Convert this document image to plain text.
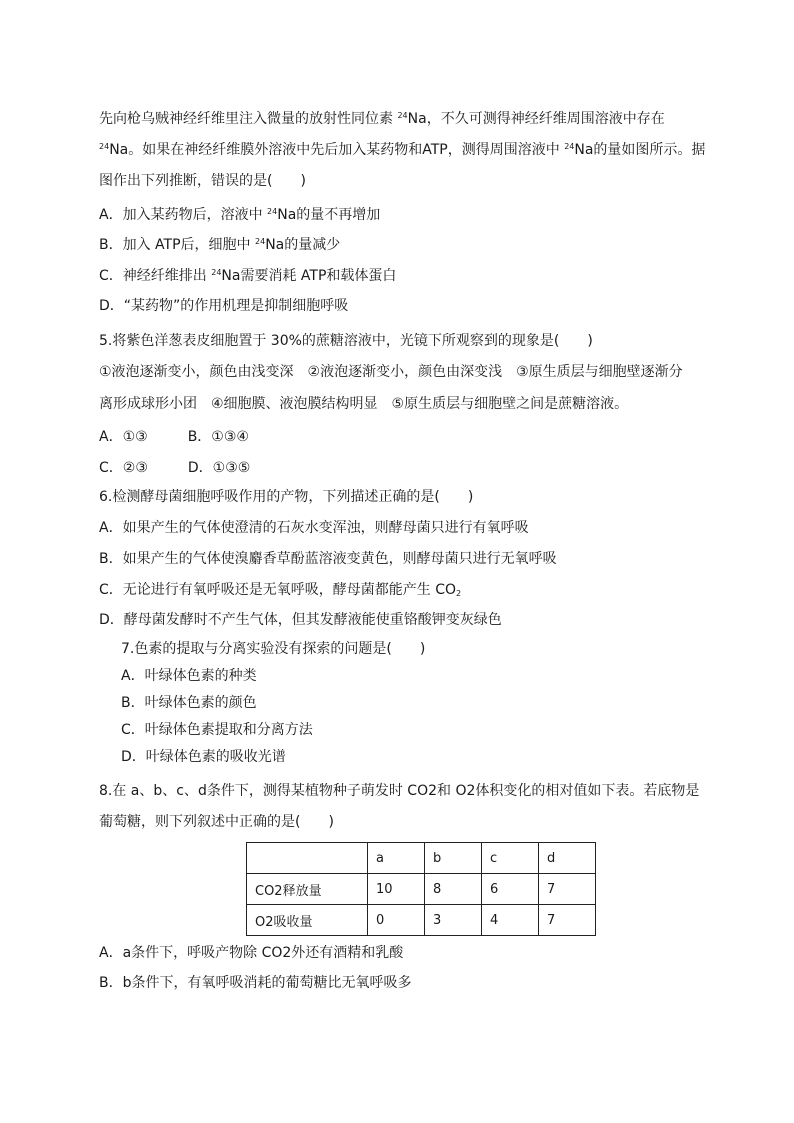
先向枪乌贼神经纤维里注入微量的放射性同位素 $^{24}$Na，不久可测得神经纤维周围溶液中存在
$^{24}$Na。如果在神经纤维膜外溶液中先后加入某药物和ATP，测得周围溶液中 $^{24}$Na的量如图所示。据
图作出下列推断，错误的是(　　)
A．加入某药物后，溶液中 $^{24}$Na的量不再增加
B．加入 ATP后，细胞中 $^{24}$Na的量减少
C．神经纤维排出 $^{24}$Na需要消耗 ATP和载体蛋白
D．“某药物”的作用机理是抑制细胞呼吸
5.将紫色洋葱表皮细胞置于 30%的蔗糖溶液中，光镜下所观察到的现象是(　　)
①液泡逐渐变小，颜色由浅变深　②液泡逐渐变小，颜色由深变浅　③原生质层与细胞壁逐渐分
离形成球形小团　④细胞膜、液泡膜结构明显　⑤原生质层与细胞壁之间是蔗糖溶液。
A．①③	B．①③④
C．②③	D．①③⑤
6.检测酵母菌细胞呼吸作用的产物，下列描述正确的是(　　)
A．如果产生的气体使澄清的石灰水变浑浊，则酵母菌只进行有氧呼吸
B．如果产生的气体使溴麝香草酚蓝溶液变黄色，则酵母菌只进行无氧呼吸
C．无论进行有氧呼吸还是无氧呼吸，酵母菌都能产生 $CO_2$
D．酵母菌发酵时不产生气体，但其发酵液能使重铬酸钾变灰绿色
7.色素的提取与分离实验没有探索的问题是(　　)
A．叶绿体色素的种类
B．叶绿体色素的颜色
C．叶绿体色素提取和分离方法
D．叶绿体色素的吸收光谱
8.在 a、b、c、d条件下，测得某植物种子萌发时 CO2和 O2体积变化的相对值如下表。若底物是
葡萄糖，则下列叙述中正确的是(　　)
	a	b	c	d
CO2释放量	10	8	6	7
O2吸收量	0	3	4	7
A．a条件下，呼吸产物除 CO2外还有酒精和乳酸
B．b条件下，有氧呼吸消耗的葡萄糖比无氧呼吸多
